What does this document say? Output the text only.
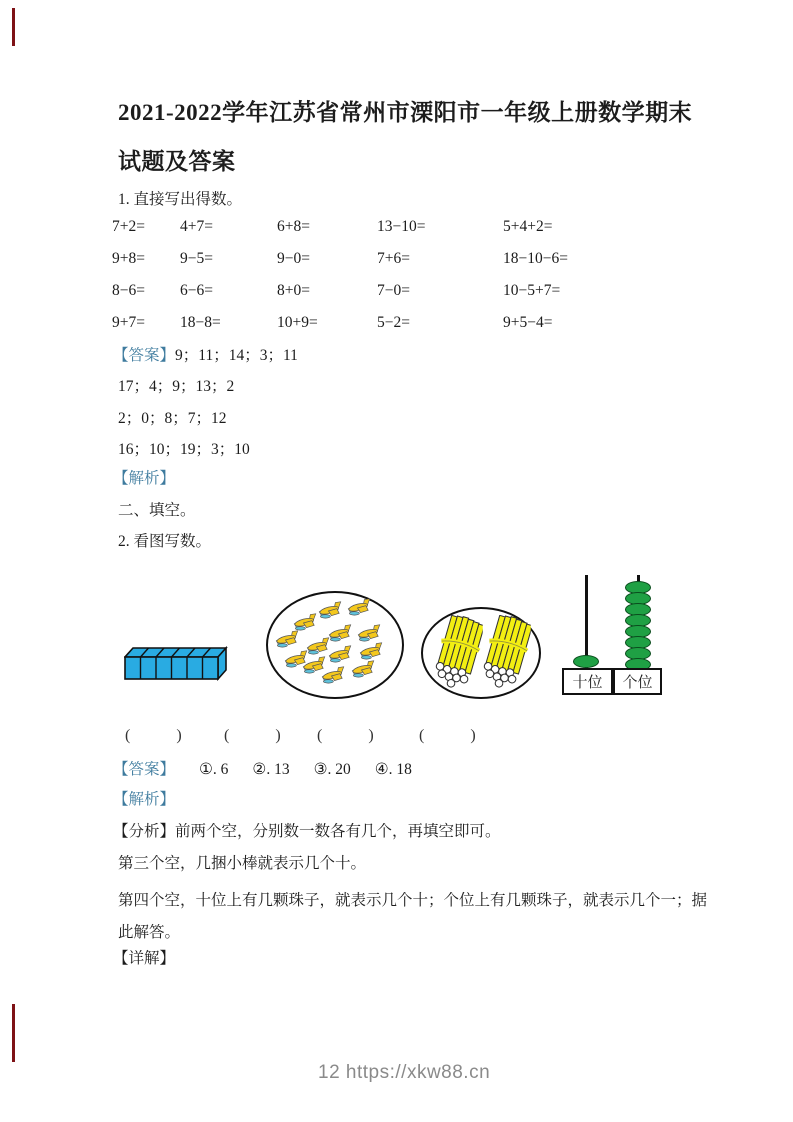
2021-2022学年江苏省常州市溧阳市一年级上册数学期末试题及答案
1. 直接写出得数。
7+2=	4+7=	6+8=	13−10=	5+4+2=
9+8=	9−5=	9−0=	7+6=	18−10−6=
8−6=	6−6=	8+0=	7−0=	10−5+7=
9+7=	18−8=	10+9=	5−2=	9+5−4=
【答案】9；11；14；3；11
17；4；9；13；2
2；0；8；7；12
16；10；19；3；10
【解析】
二、填空。
2. 看图写数。
十位	个位
(	)	(	) (	)	(	)
【答案】 ①. 6 ②. 13 ③. 20 ④. 18
【解析】
【分析】前两个空，分别数一数各有几个，再填空即可。
第三个空，几捆小棒就表示几个十。
第四个空，十位上有几颗珠子，就表示几个十；个位上有几颗珠子，就表示几个一；据此解答。
【详解】
12 https://xkw88.cn
